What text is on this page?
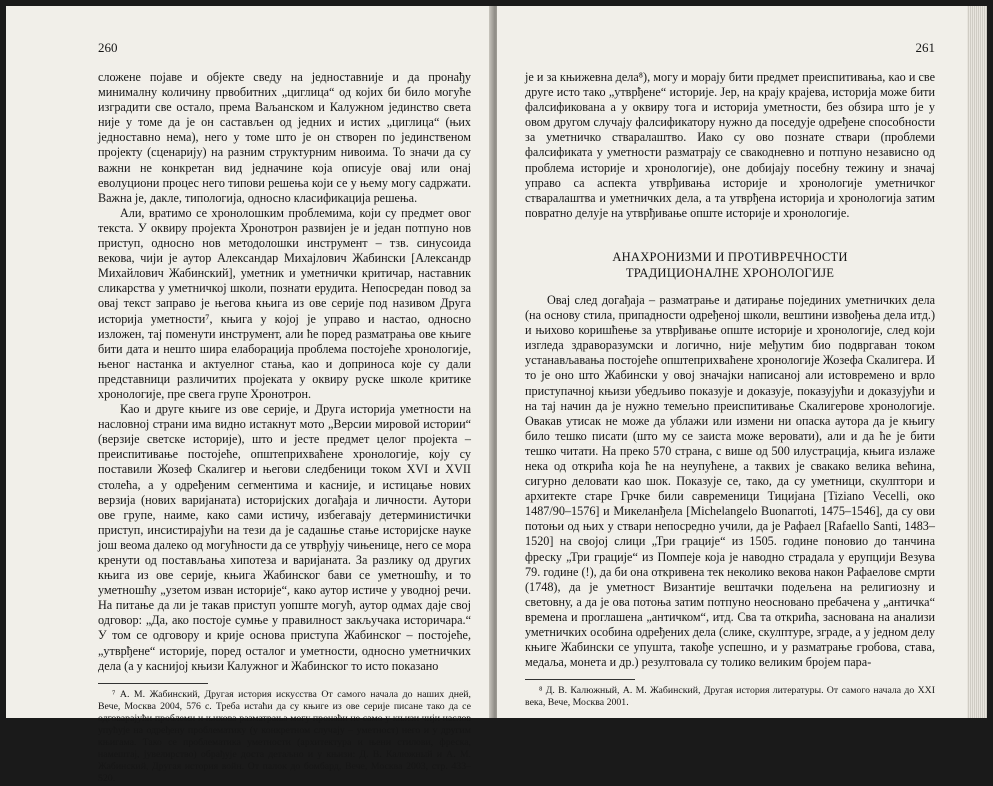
260

сложене појаве и објекте сведу на једноставније и да пронађу минималну количину првобитних „циглица“ од којих би било могуће изградити све остало, према Ваљанском и Калужном јединство света није у томе да је он састављен од једних и истих „циглица“ (њих једноставно нема), него у томе што је он створен по јединственом пројекту (сценарију) на разним структурним нивоима. То значи да су важни не конкретан вид једначине која описује овај или онај еволуциони процес него типови решења који се у њему могу садржати. Важна је, дакле, типологија, односно класификација решења.

Али, вратимо се хронолошким проблемима, који су предмет овог текста. У оквиру пројекта Хронотрон развијен је и један потпуно нов приступ, односно нов методолошки инструмент – тзв. синусоида векова, чији је аутор Александар Михајлович Жабински [Александр Михайлович Жабинский], уметник и уметнички критичар, наставник сликарства у уметничкој школи, познати ерудита. Непосредан повод за овај текст заправо је његова књига из ове серије под називом Друга историја уметности⁷, књига у којој је управо и настао, односно изложен, тај поменути инструмент, али ће поред разматрања ове књиге бити дата и нешто шира елаборација проблема постојеће хронологије, њеног настанка и актуелног стања, као и доприноса које су дали представници различитих пројеката у оквиру руске школе критике хронологије, пре свега групе Хронотрон.

Као и друге књиге из ове серије, и Друга историја уметности на насловној страни има видно истакнут мото „Версии мировой истории“ (верзије светске историје), што и јесте предмет целог пројекта – преиспитивање постојеће, општеприхваћене хронологије, коју су поставили Жозеф Скалигер и његови следбеници током XVI и XVII столећа, а у одређеним сегментима и касније, и истицање нових верзија (нових варијаната) историјских догађаја и личности. Аутори ове групе, наиме, како сами истичу, избегавају детерминистички приступ, инсистирајући на тези да је садашње стање историјске науке још веома далеко од могућности да се утврђују чињенице, него се мора кренути од постављања хипотеза и варијаната. За разлику од других књига из ове серије, књига Жабинског бави се уметношћу, и то уметношћу „узетом изван историје“, како аутор истиче у уводној речи. На питање да ли је такав приступ уопште могућ, аутор одмах даје свој одговор: „Да, ако постоје сумње у правилност закључака историчара.“ У том се одговору и крије основа приступа Жабинског – постојеће, „утврђене“ историје, поред осталог и уметности, односно уметничких дела (а у каснијој књизи Калужног и Жабинског то исто показано

⁷ А. М. Жабинский, Другая история искусства От самого начала до наших дней, Вече, Москва 2004, 576 с. Треба истаћи да су књиге из ове серије писане тако да се одговарајући проблеми и њихова разматрања могу пронаћи не само у књизи чији наслов упућује на одређену проблематику (у конкретном случају – уметност) него и у другим књигама. Тако се проблематика уметности (архитектура и њени стилови, фреска, намештај, јувелирство) обрађује доста детаљно и у књизи: Д. В. Калюжный и А. М. Жабинский, Другая история войн. От палок до бомбард, Вече, Москва 2003, стр. 433–520.

261

је и за књижевна дела⁸), могу и морају бити предмет преиспитивања, као и све друге исто тако „утврђене“ историје. Јер, на крају крајева, историја може бити фалсификована а у оквиру тога и историја уметности, без обзира што је у овом другом случају фалсификатору нужно да поседује одређене способности за уметничко стваралаштво. Иако су ово познате ствари (проблеми фалсификата у уметности разматрају се свакодневно и потпуно независно од проблема историје и хронологије), оне добијају посебну тежину и значај управо са аспекта утврђивања историје и хронологије уметничког стваралаштва и уметничких дела, а та утврђена историја и хронологија затим повратно делује на утврђивање опште историје и хронологије.

АНАХРОНИЗМИ И ПРОТИВРЕЧНОСТИ
ТРАДИЦИОНАЛНЕ ХРОНОЛОГИЈЕ

Овај след догађаја – разматрање и датирање појединих уметничких дела (на основу стила, припадности одређеној школи, вештини извођења дела итд.) и њихово коришћење за утврђивање опште историје и хронологије, след који изгледа здраворазумски и логично, није међутим био подвргаван током устанављавања постојеће општеприхваћене хронологије Жозефа Скалигера. И то је оно што Жабински у овој значајки написаној али истовремено и врло приступачној књизи убедљиво показује и доказује, показујући и доказујући и на тај начин да је нужно темељно преиспитивање Скалигерове хронологије. Овакав утисак не може да ублажи или измени ни опаска аутора да је књигу било тешко писати (што му се заиста може веровати), али и да ће је бити тешко читати. На преко 570 страна, с више од 500 илустрација, књига излаже нека од открића која ће на неупућене, а таквих је свакако велика већина, сигурно деловати као шок. Показује се, тако, да су уметници, скулптори и архитекте старе Грчке били савременици Тицијана [Tiziano Vecelli, око 1487/90–1576] и Микеланђела [Michelangelo Buonarroti, 1475–1546], да су ови потоњи од њих у ствари непосредно учили, да је Рафаел [Rafaello Santi, 1483–1520] на својој слици „Три грације“ из 1505. године поновио до танчина фреску „Три грације“ из Помпеје која је наводно страдала у ерупцији Везува 79. године (!), да би она откривена тек неколико векова након Рафаелове смрти (1748), да је уметност Византије вештачки подељена на религиозну и световну, а да је ова потоња затим потпуно неосновано пребачена у „античка“ времена и проглашена „античком“, итд. Сва та открића, заснована на анализи уметничких особина одређених дела (слике, скулптуре, зграде, а у једном делу књиге Жабински се упушта, такође успешно, и у разматрање гробова, ставa, медаља, монета и др.) резултовала су толико великим бројем пара-

⁸ Д. В. Калюжный, А. М. Жабинский, Другая история литературы. От самого начала до XXI века, Вече, Москва 2001.
